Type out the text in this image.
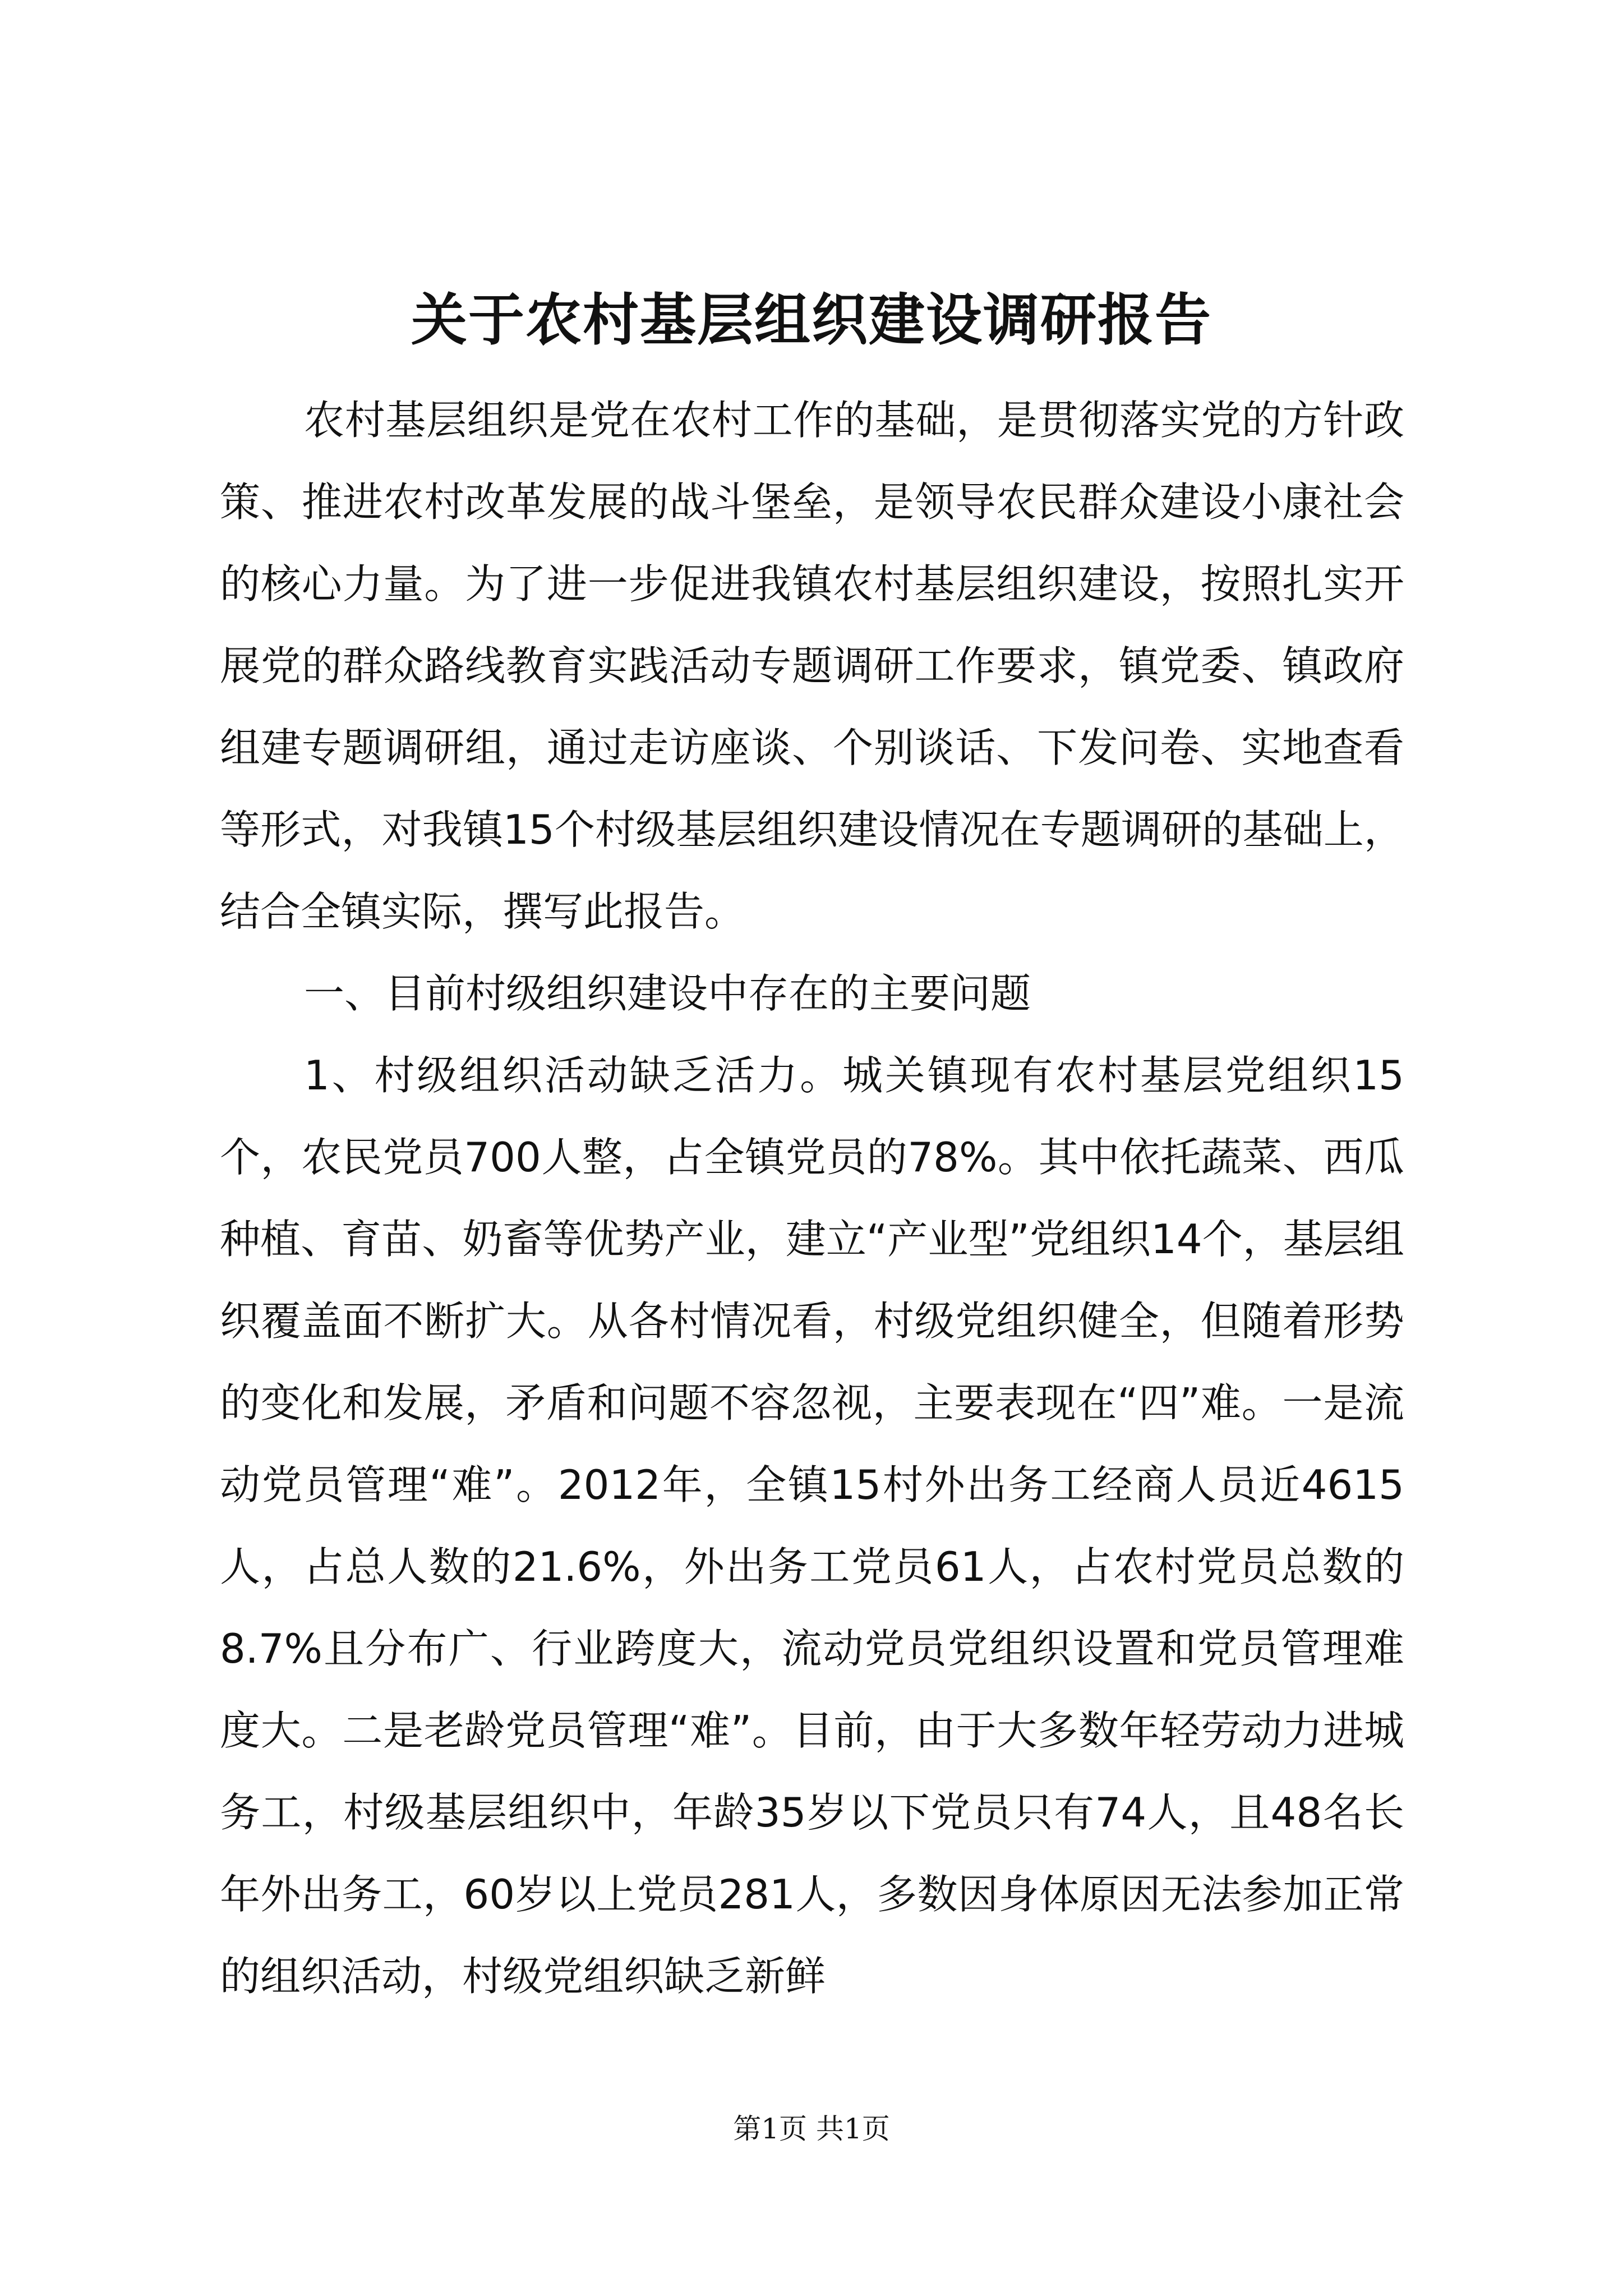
关于农村基层组织建设调研报告

农村基层组织是党在农村工作的基础，是贯彻落实党的方针政策、推进农村改革发展的战斗堡垒，是领导农民群众建设小康社会的核心力量。为了进一步促进我镇农村基层组织建设，按照扎实开展党的群众路线教育实践活动专题调研工作要求，镇党委、镇政府组建专题调研组，通过走访座谈、个别谈话、下发问卷、实地查看等形式，对我镇15个村级基层组织建设情况在专题调研的基础上，结合全镇实际，撰写此报告。

一、目前村级组织建设中存在的主要问题

1、村级组织活动缺乏活力。城关镇现有农村基层党组织15个，农民党员700人整，占全镇党员的78%。其中依托蔬菜、西瓜种植、育苗、奶畜等优势产业，建立“产业型”党组织14个，基层组织覆盖面不断扩大。从各村情况看，村级党组织健全，但随着形势的变化和发展，矛盾和问题不容忽视，主要表现在“四”难。一是流动党员管理“难”。2012年，全镇15村外出务工经商人员近4615人，占总人数的21.6%，外出务工党员61人，占农村党员总数的8.7%且分布广、行业跨度大，流动党员党组织设置和党员管理难度大。二是老龄党员管理“难”。目前，由于大多数年轻劳动力进城务工，村级基层组织中，年龄35岁以下党员只有74人，且48名长年外出务工，60岁以上党员281人，多数因身体原因无法参加正常的组织活动，村级党组织缺乏新鲜

第1页 共1页
